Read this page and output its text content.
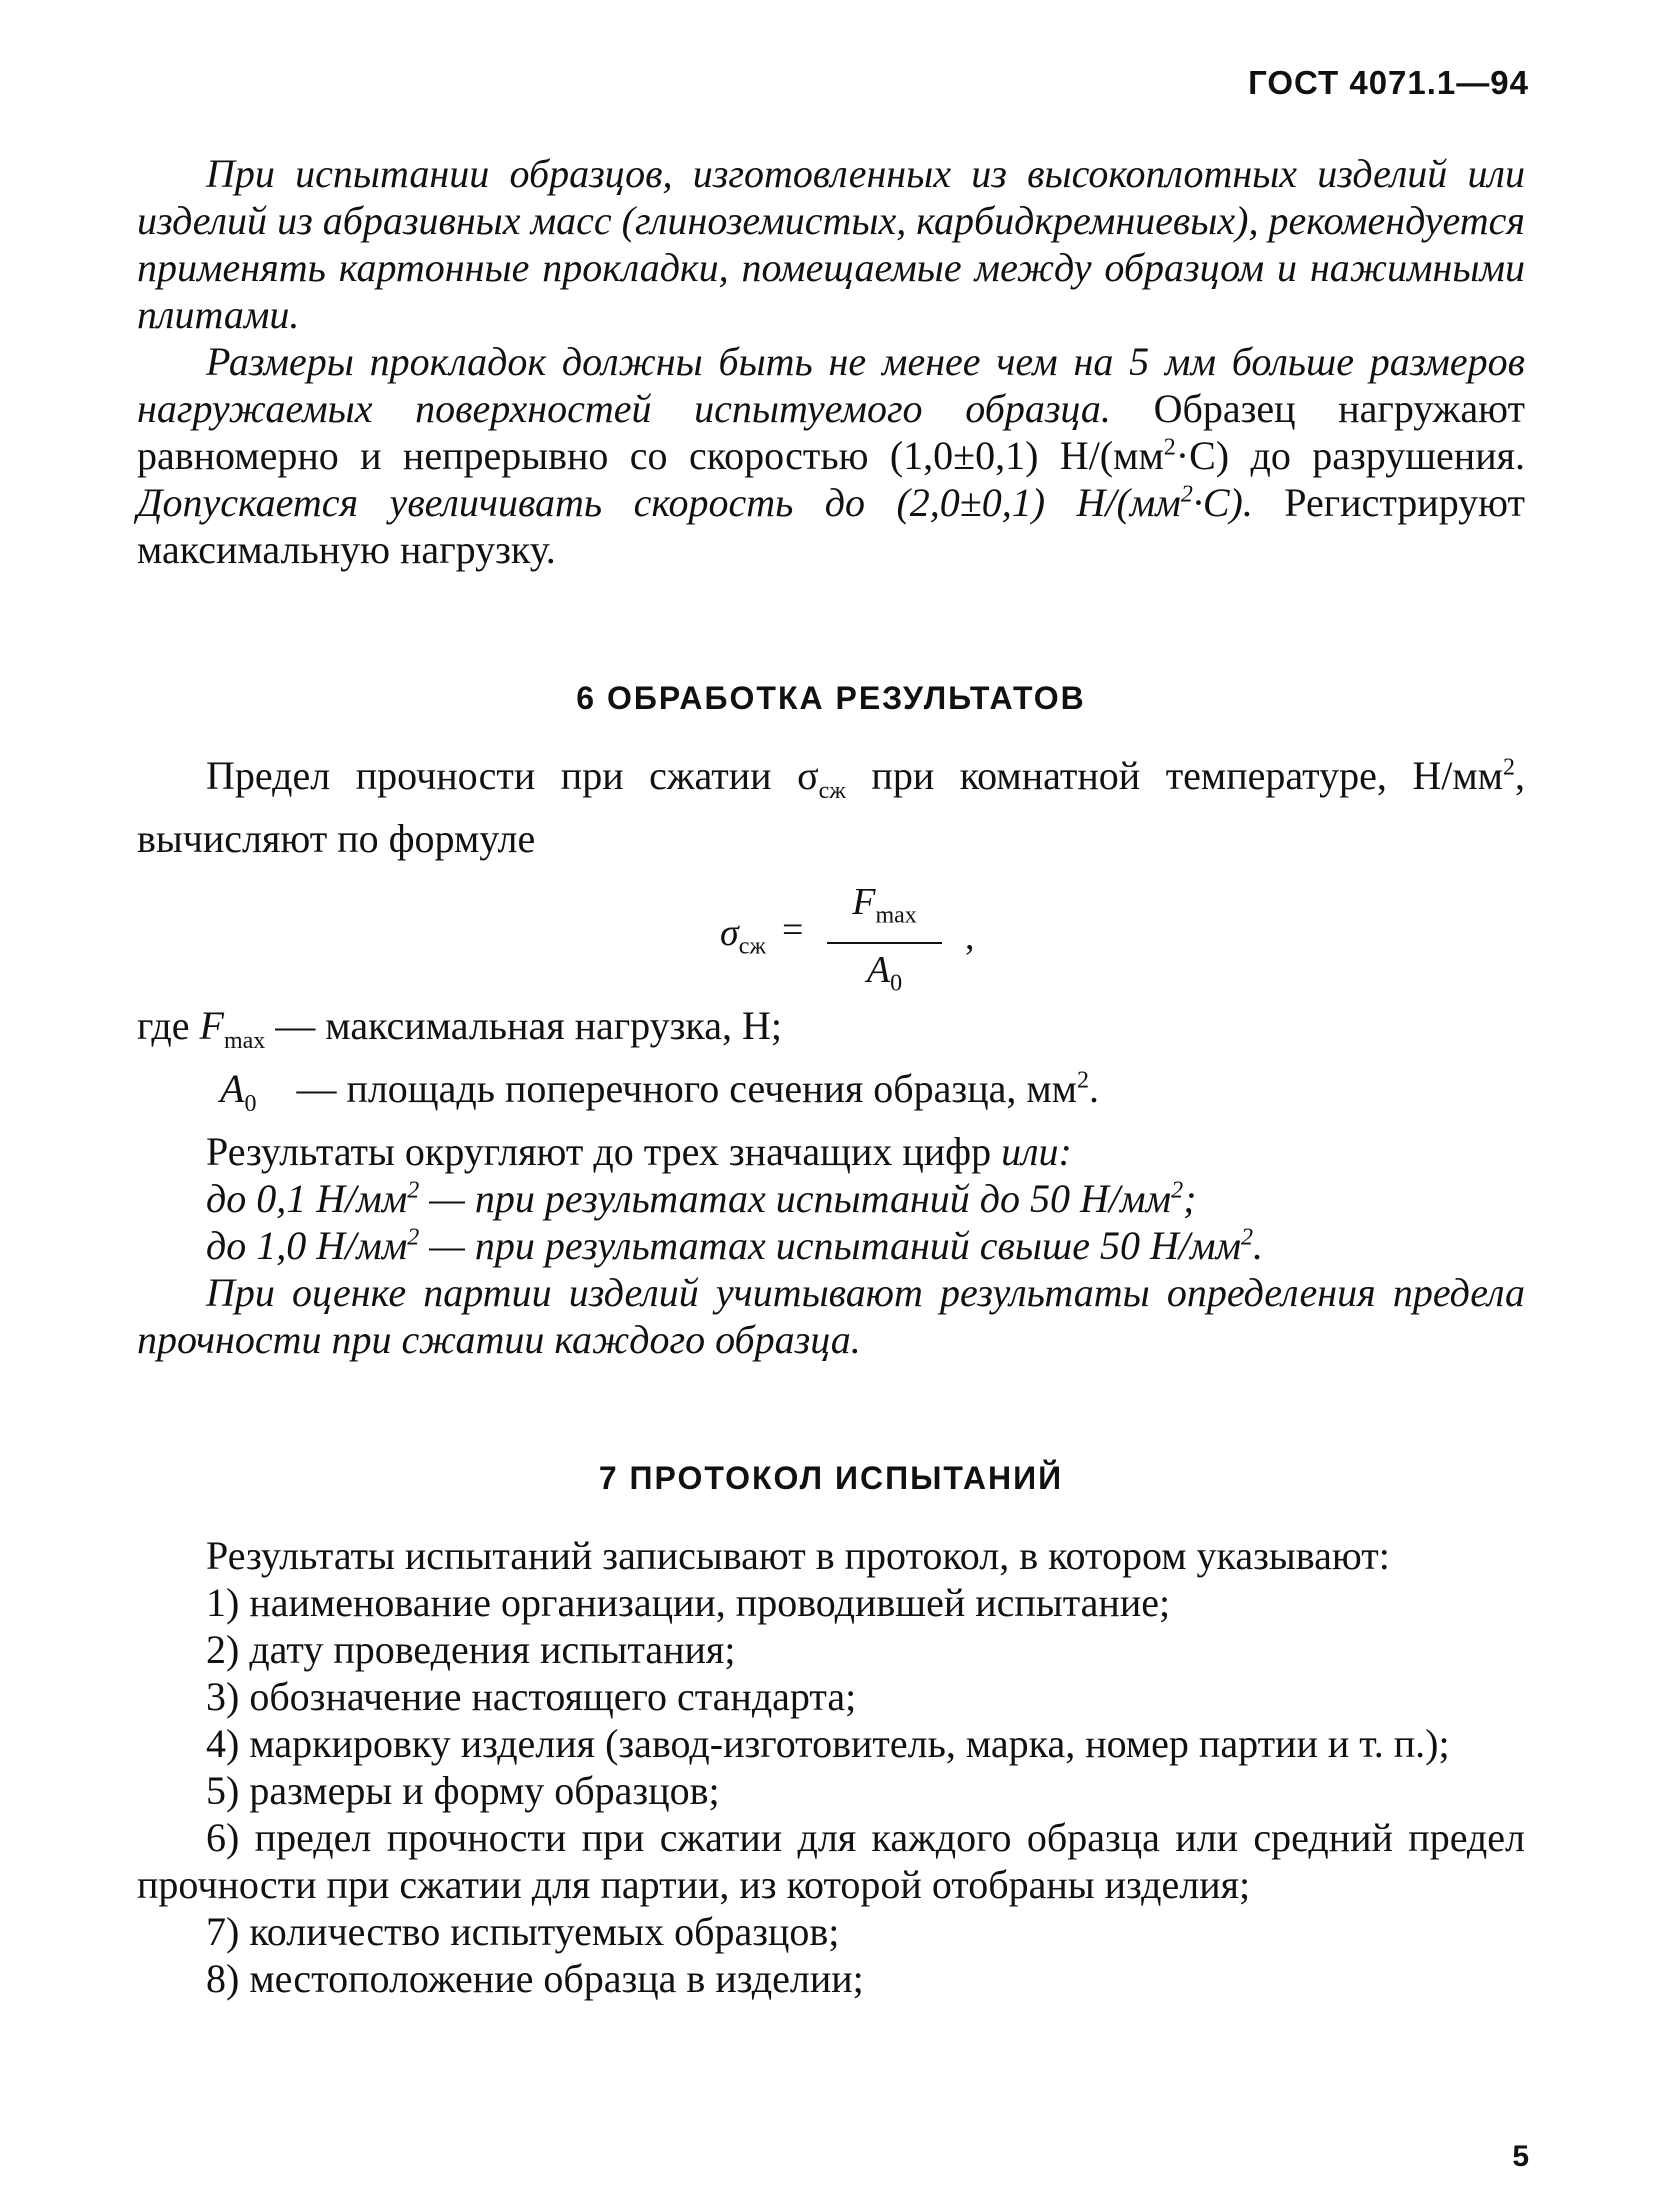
ГОСТ 4071.1—94

При испытании образцов, изготовленных из высокоплотных изделий или изделий из абразивных масс (глиноземистых, карбидкремниевых), рекомендуется применять картонные прокладки, помещаемые между образцом и нажимными плитами.

Размеры прокладок должны быть не менее чем на 5 мм больше размеров нагружаемых поверхностей испытуемого образца. Образец нагружают равномерно и непрерывно со скоростью (1,0±0,1) $Н/(мм^2\cdot С)$ до разрушения. Допускается увеличивать скорость до (2,0±0,1) $Н/(мм^2\cdot С)$. Регистрируют максимальную нагрузку.

6 ОБРАБОТКА РЕЗУЛЬТАТОВ

Предел прочности при сжатии $\sigma_{сж}$ при комнатной температуре, $Н/мм^2$, вычисляют по формуле

$\sigma_{сж}$ =
$F_{max}$
$A_0$
,

где $F_{max}$ — максимальная нагрузка, Н;

$A_0$ — площадь поперечного сечения образца, $мм^2$.

Результаты округляют до трех значащих цифр или:

до 0,1 $Н/мм^2$ — при результатах испытаний до 50 $Н/мм^2$;

до 1,0 $Н/мм^2$ — при результатах испытаний свыше 50 $Н/мм^2$.

При оценке партии изделий учитывают результаты определения предела прочности при сжатии каждого образца.

7 ПРОТОКОЛ ИСПЫТАНИЙ

Результаты испытаний записывают в протокол, в котором указывают:

1) наименование организации, проводившей испытание;

2) дату проведения испытания;

3) обозначение настоящего стандарта;

4) маркировку изделия (завод-изготовитель, марка, номер партии и т. п.);

5) размеры и форму образцов;

6) предел прочности при сжатии для каждого образца или средний предел прочности при сжатии для партии, из которой отобраны изделия;

7) количество испытуемых образцов;

8) местоположение образца в изделии;

5
